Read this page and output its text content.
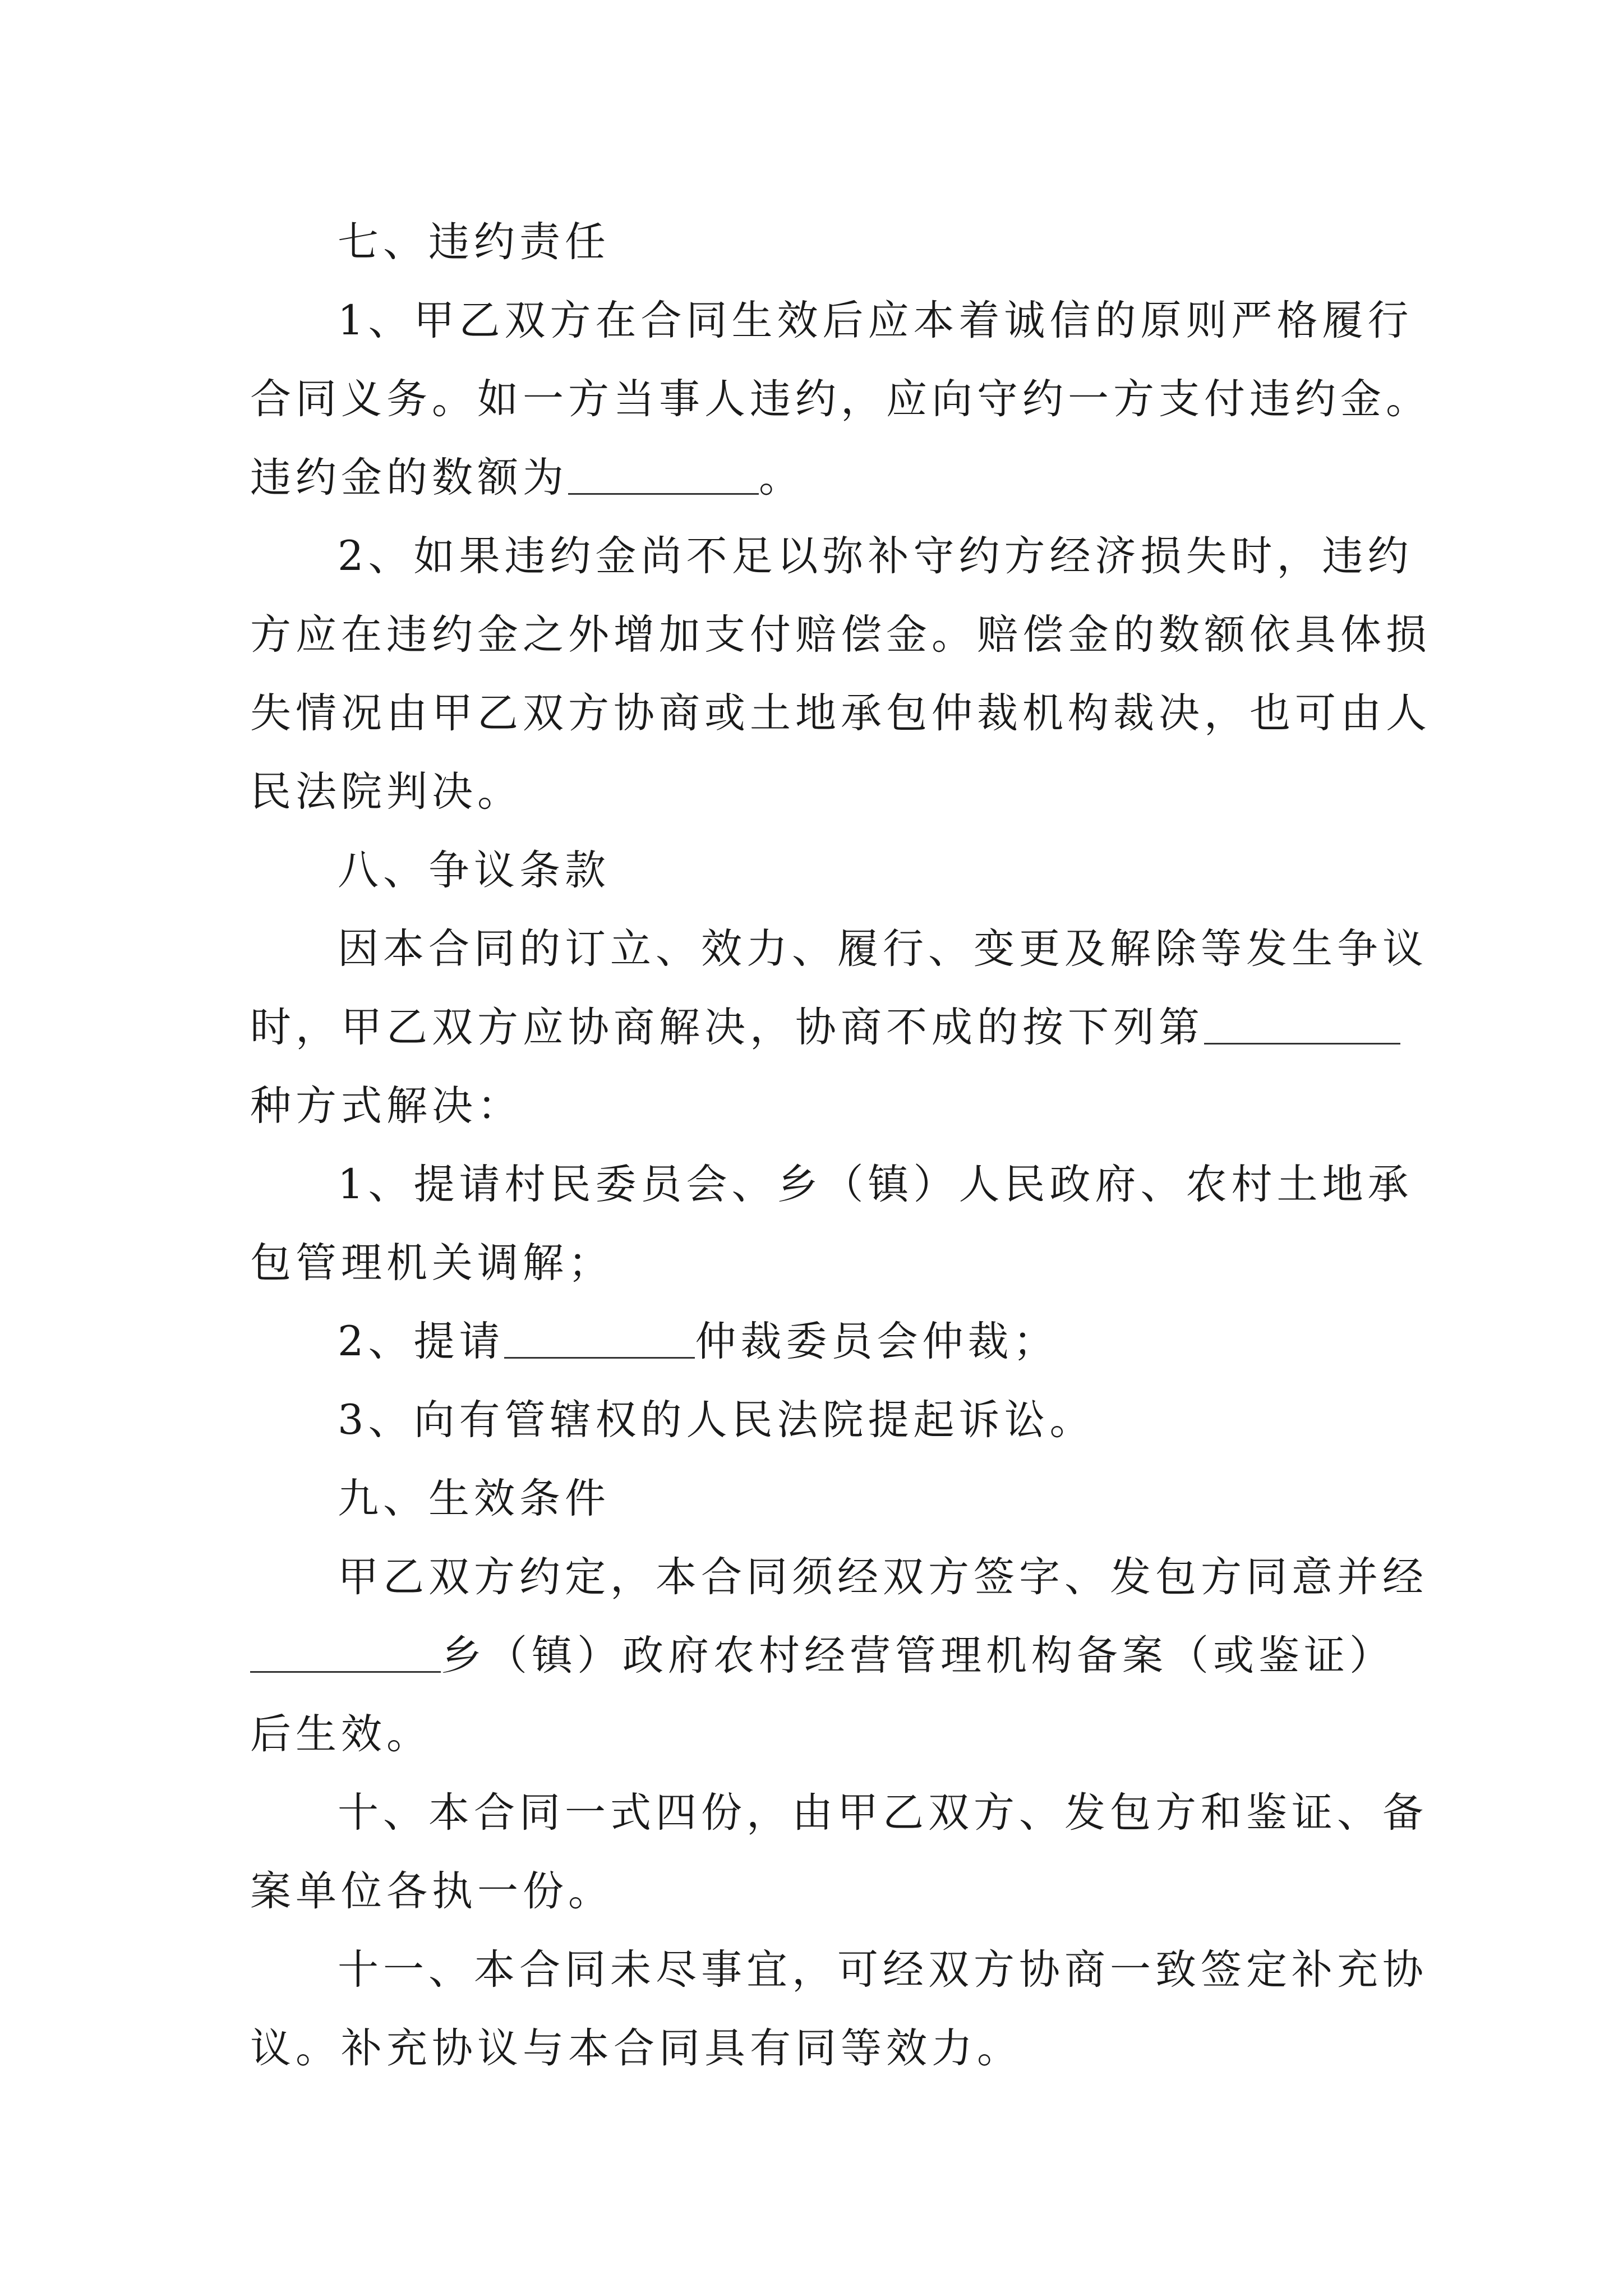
七、违约责任
1、甲乙双方在合同生效后应本着诚信的原则严格履行
合同义务。如一方当事人违约，应向守约一方支付违约金。
违约金的数额为	。
2、如果违约金尚不足以弥补守约方经济损失时，违约
方应在违约金之外增加支付赔偿金。赔偿金的数额依具体损
失情况由甲乙双方协商或土地承包仲裁机构裁决，也可由人
民法院判决。
八、争议条款
因本合同的订立、效力、履行、变更及解除等发生争议
时，甲乙双方应协商解决，协商不成的按下列第
种方式解决：
1、提请村民委员会、乡（镇）人民政府、农村土地承
包管理机关调解；
2、提请	仲裁委员会仲裁；
3、向有管辖权的人民法院提起诉讼。
九、生效条件
甲乙双方约定，本合同须经双方签字、发包方同意并经
乡（镇）政府农村经营管理机构备案（或鉴证）
后生效。
十、本合同一式四份，由甲乙双方、发包方和鉴证、备
案单位各执一份。
十一、本合同未尽事宜，可经双方协商一致签定补充协
议。补充协议与本合同具有同等效力。
